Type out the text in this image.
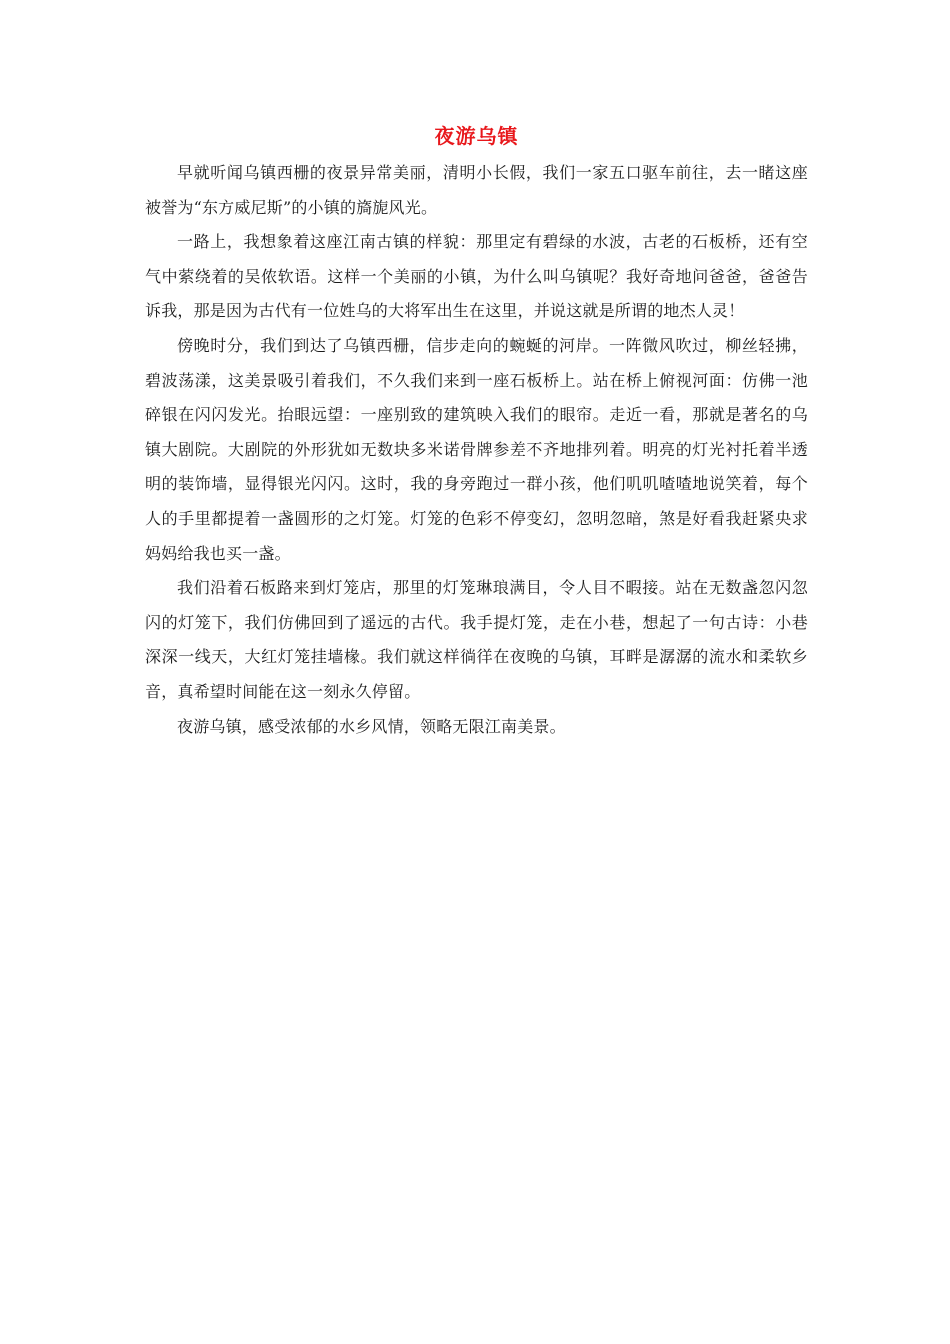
夜游乌镇

早就听闻乌镇西栅的夜景异常美丽，清明小长假，我们一家五口驱车前往，去一睹这座被誉为“东方威尼斯”的小镇的旖旎风光。

一路上，我想象着这座江南古镇的样貌：那里定有碧绿的水波，古老的石板桥，还有空气中萦绕着的吴侬软语。这样一个美丽的小镇，为什么叫乌镇呢？我好奇地问爸爸，爸爸告诉我，那是因为古代有一位姓乌的大将军出生在这里，并说这就是所谓的地杰人灵！

傍晚时分，我们到达了乌镇西栅，信步走向的蜿蜒的河岸。一阵微风吹过，柳丝轻拂，碧波荡漾，这美景吸引着我们，不久我们来到一座石板桥上。站在桥上俯视河面：仿佛一池碎银在闪闪发光。抬眼远望：一座别致的建筑映入我们的眼帘。走近一看，那就是著名的乌镇大剧院。大剧院的外形犹如无数块多米诺骨牌参差不齐地排列着。明亮的灯光衬托着半透明的装饰墙，显得银光闪闪。这时，我的身旁跑过一群小孩，他们叽叽喳喳地说笑着，每个人的手里都提着一盏圆形的之灯笼。灯笼的色彩不停变幻，忽明忽暗，煞是好看我赶紧央求妈妈给我也买一盏。

我们沿着石板路来到灯笼店，那里的灯笼琳琅满目，令人目不暇接。站在无数盏忽闪忽闪的灯笼下，我们仿佛回到了遥远的古代。我手提灯笼，走在小巷，想起了一句古诗：小巷深深一线天，大红灯笼挂墙椽。我们就这样徜徉在夜晚的乌镇，耳畔是潺潺的流水和柔软乡音，真希望时间能在这一刻永久停留。

夜游乌镇，感受浓郁的水乡风情，领略无限江南美景。
